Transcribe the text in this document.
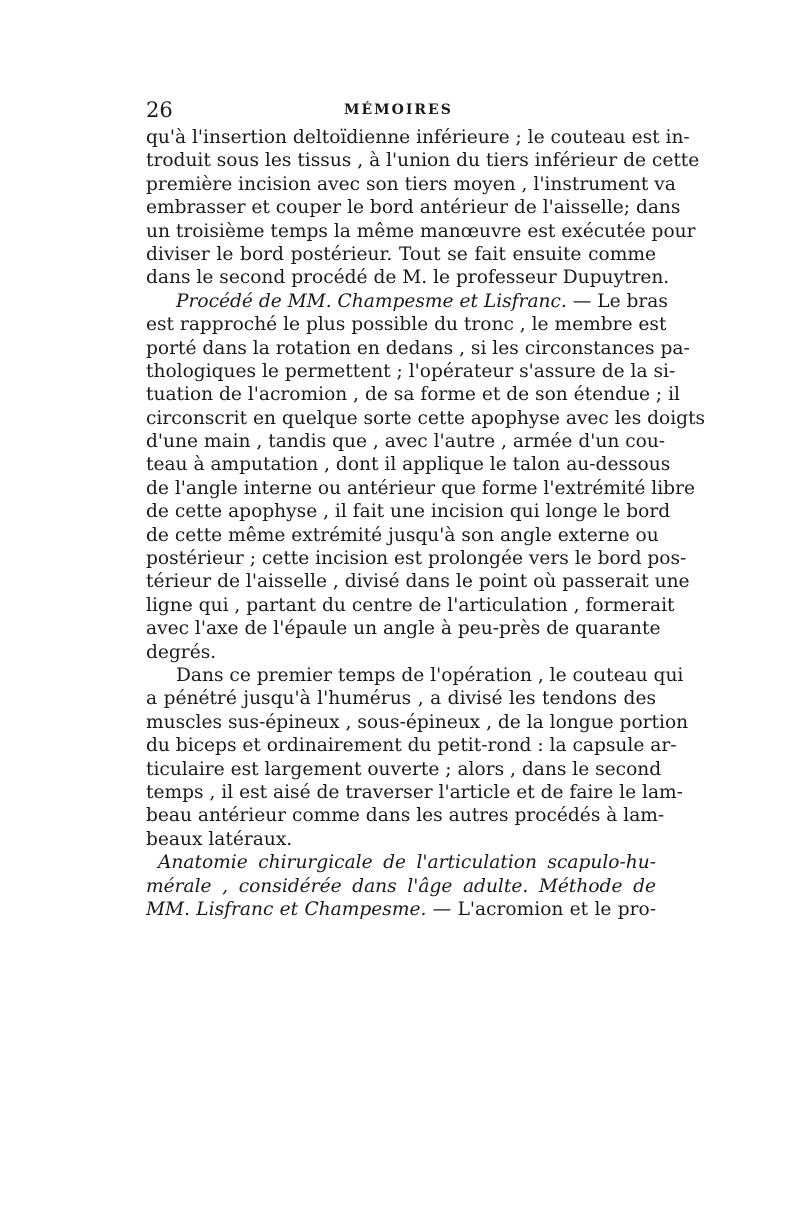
26	MÉMOIRES
qu'à l'insertion deltoïdienne inférieure ; le couteau est in-
troduit sous les tissus , à l'union du tiers inférieur de cette
première incision avec son tiers moyen , l'instrument va
embrasser et couper le bord antérieur de l'aisselle; dans
un troisième temps la même manœuvre est exécutée pour
diviser le bord postérieur. Tout se fait ensuite comme
dans le second procédé de M. le professeur Dupuytren.
Procédé de MM. Champesme et Lisfranc. — Le bras
est rapproché le plus possible du tronc , le membre est
porté dans la rotation en dedans , si les circonstances pa-
thologiques le permettent ; l'opérateur s'assure de la si-
tuation de l'acromion , de sa forme et de son étendue ; il
circonscrit en quelque sorte cette apophyse avec les doigts
d'une main , tandis que , avec l'autre , armée d'un cou-
teau à amputation , dont il applique le talon au-dessous
de l'angle interne ou antérieur que forme l'extrémité libre
de cette apophyse , il fait une incision qui longe le bord
de cette même extrémité jusqu'à son angle externe ou
postérieur ; cette incision est prolongée vers le bord pos-
térieur de l'aisselle , divisé dans le point où passerait une
ligne qui , partant du centre de l'articulation , formerait
avec l'axe de l'épaule un angle à peu-près de quarante
degrés.
Dans ce premier temps de l'opération , le couteau qui
a pénétré jusqu'à l'humérus , a divisé les tendons des
muscles sus-épineux , sous-épineux , de la longue portion
du biceps et ordinairement du petit-rond : la capsule ar-
ticulaire est largement ouverte ; alors , dans le second
temps , il est aisé de traverser l'article et de faire le lam-
beau antérieur comme dans les autres procédés à lam-
beaux latéraux.
Anatomie chirurgicale de l'articulation scapulo-hu-
mérale , considérée dans l'âge adulte. Méthode de
MM. Lisfranc et Champesme. — L'acromion et le pro-
